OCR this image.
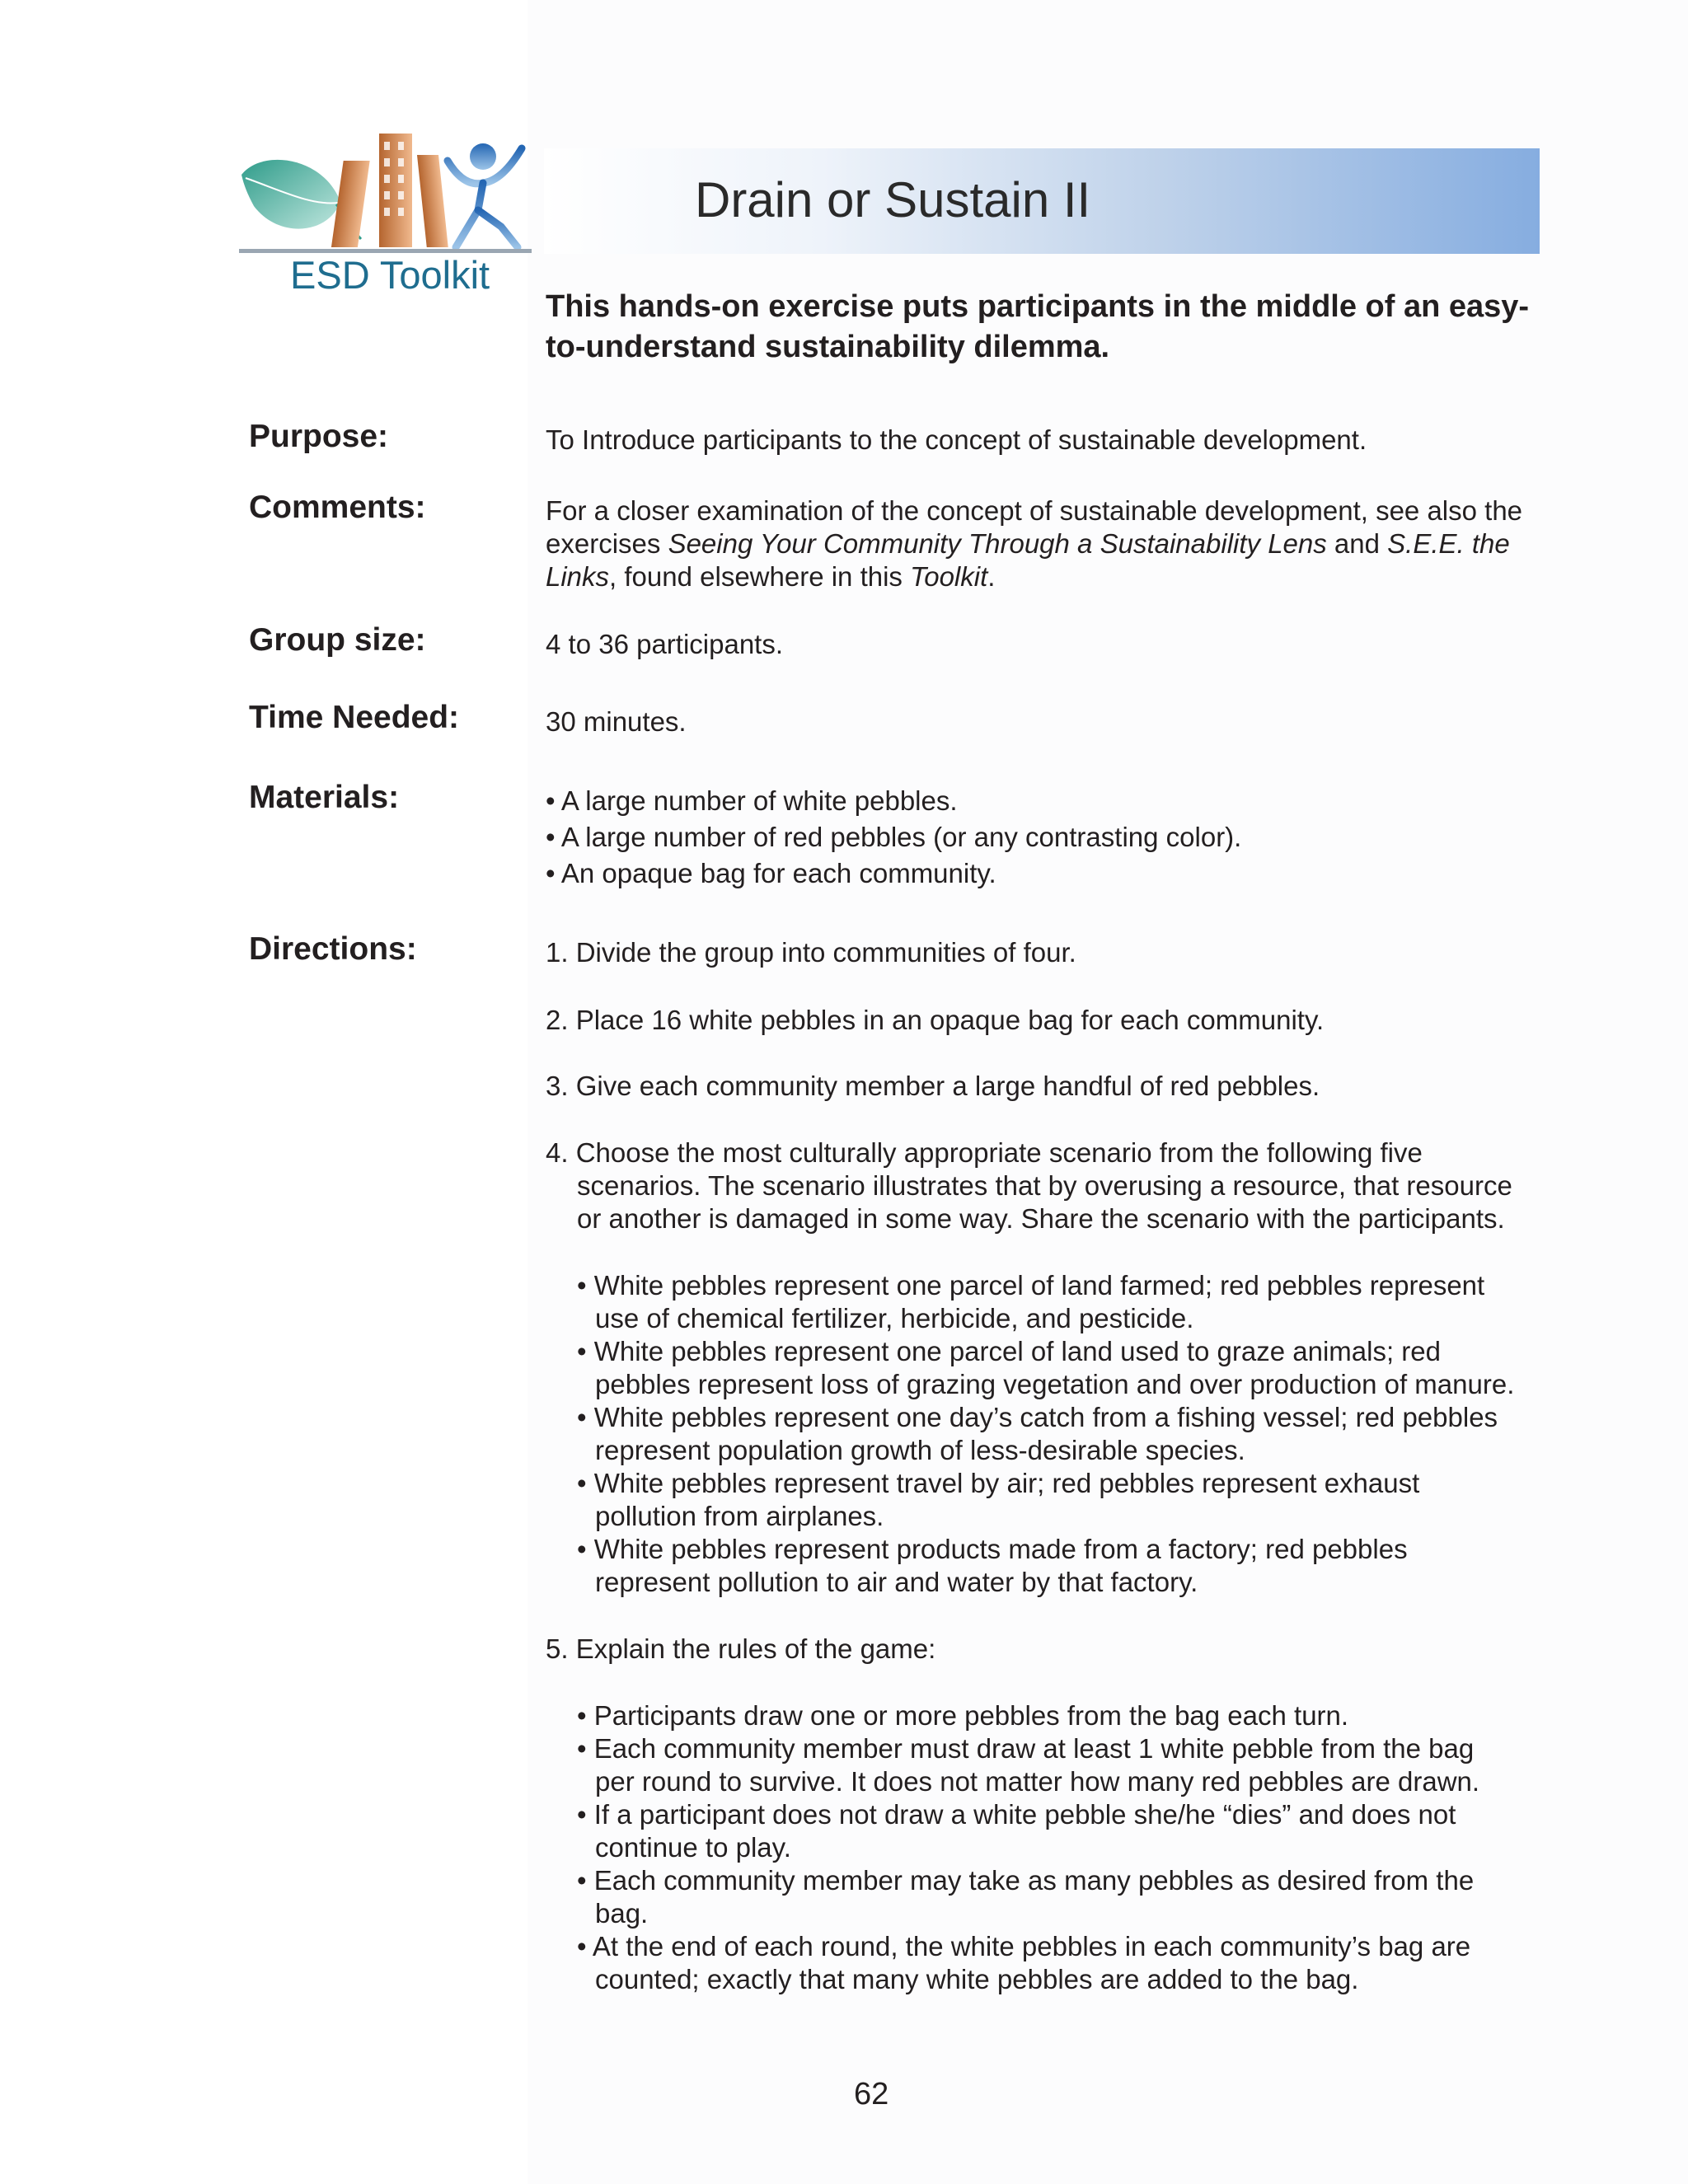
ESD Toolkit
Drain or Sustain II
This hands-on exercise puts participants in the middle of an easy-to-understand sustainability dilemma.
Purpose:	To Introduce participants to the concept of sustainable development.
Comments:	For a closer examination of the concept of sustainable development, see also the exercises Seeing Your Community Through a Sustainability Lens and S.E.E. the Links, found elsewhere in this Toolkit.

Group size:	4 to 36 participants.
Time Needed:	30 minutes.
Materials:	• A large number of white pebbles.
• A large number of red pebbles (or any contrasting color).
• An opaque bag for each community.
Directions:	1. Divide the group into communities of four.
2. Place 16 white pebbles in an opaque bag for each community.
3. Give each community member a large handful of red pebbles.
4. Choose the most culturally appropriate scenario from the following five
scenarios. The scenario illustrates that by overusing a resource, that resource
or another is damaged in some way. Share the scenario with the participants.
• White pebbles represent one parcel of land farmed; red pebbles represent
use of chemical fertilizer, herbicide, and pesticide.
• White pebbles represent one parcel of land used to graze animals; red
pebbles represent loss of grazing vegetation and over production of manure.
• White pebbles represent one day’s catch from a fishing vessel; red pebbles
represent population growth of less-desirable species.
• White pebbles represent travel by air; red pebbles represent exhaust
pollution from airplanes.
• White pebbles represent products made from a factory; red pebbles
represent pollution to air and water by that factory.
5. Explain the rules of the game:
• Participants draw one or more pebbles from the bag each turn.
• Each community member must draw at least 1 white pebble from the bag
per round to survive. It does not matter how many red pebbles are drawn.
• If a participant does not draw a white pebble she/he “dies” and does not
continue to play.
• Each community member may take as many pebbles as desired from the
bag.
• At the end of each round, the white pebbles in each community’s bag are
counted; exactly that many white pebbles are added to the bag.
62
